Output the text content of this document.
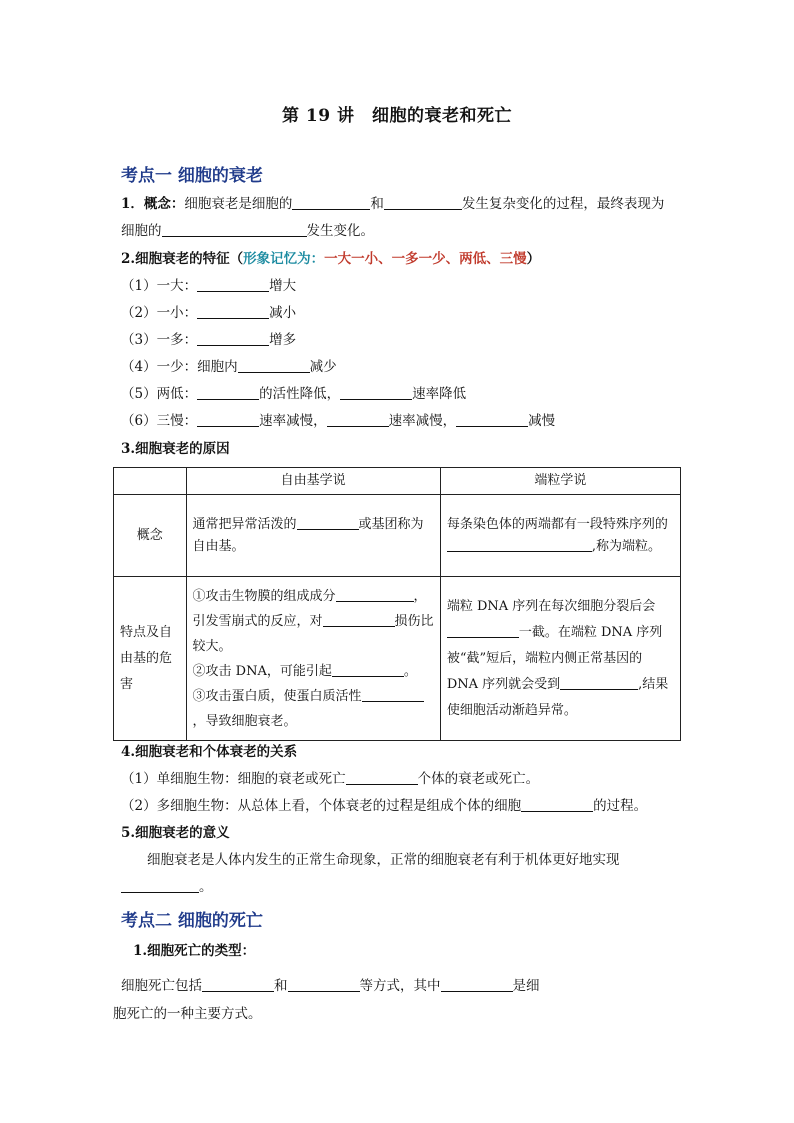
第 19 讲　细胞的衰老和死亡
考点一 细胞的衰老
1．概念：细胞衰老是细胞的	和	发生复杂变化的过程，最终表现为
细胞的	发生变化。
2.细胞衰老的特征（形象记忆为：一大一小、一多一少、两低、三慢）
（1）一大：	增大
（2）一小：	减小
（3）一多：	增多
（4）一少：细胞内	减少
（5）两低：	的活性降低，	速率降低
（6）三慢：	速率减慢，	速率减慢，	减慢
3.细胞衰老的原因
	自由基学说	端粒学说
概念	通常把异常活泼的 或基团称为自由基。	每条染色体的两端都有一段特殊序列的,称为端粒。
特点及自由基的危害	①攻击生物膜的组成成分 ，引发雪崩式的反应，对 损伤比较大。
②攻击 DNA，可能引起 。
③攻击蛋白质，使蛋白质活性，导致细胞衰老。	端粒 DNA 序列在每次细胞分裂后会一截。在端粒 DNA 序列被“截”短后，端粒内侧正常基因的 DNA 序列就会受到 ,结果使细胞活动渐趋异常。
4.细胞衰老和个体衰老的关系
（1）单细胞生物：细胞的衰老或死亡	个体的衰老或死亡。
（2）多细胞生物：从总体上看，个体衰老的过程是组成个体的细胞	的过程。
5.细胞衰老的意义
细胞衰老是人体内发生的正常生命现象，正常的细胞衰老有利于机体更好地实现
。
考点二 细胞的死亡
1.细胞死亡的类型：
细胞死亡包括	和	等方式，其中	是细
胞死亡的一种主要方式。
